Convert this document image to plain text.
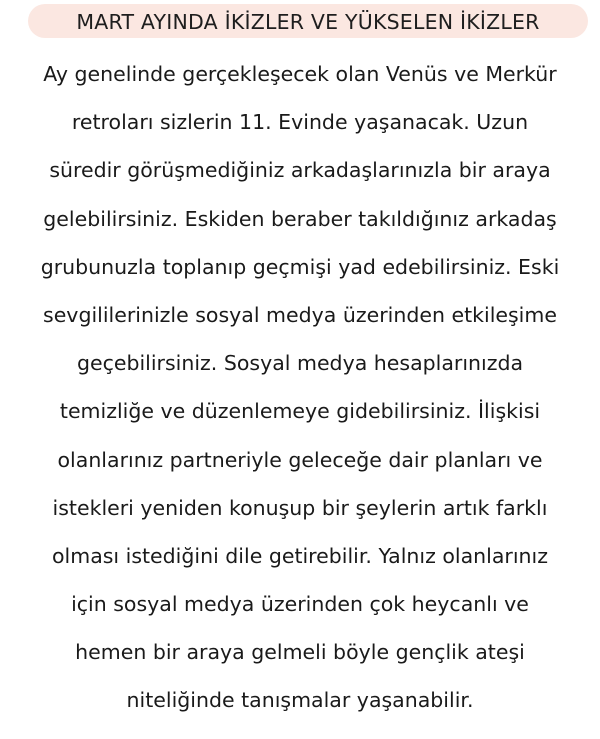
MART AYINDA İKİZLER VE YÜKSELEN İKİZLER
Ay genelinde gerçekleşecek olan Venüs ve Merkür
retroları sizlerin 11. Evinde yaşanacak. Uzun
süredir görüşmediğiniz arkadaşlarınızla bir araya
gelebilirsiniz. Eskiden beraber takıldığınız arkadaş
grubunuzla toplanıp geçmişi yad edebilirsiniz. Eski
sevgililerinizle sosyal medya üzerinden etkileşime
geçebilirsiniz. Sosyal medya hesaplarınızda
temizliğe ve düzenlemeye gidebilirsiniz. İlişkisi
olanlarınız partneriyle geleceğe dair planları ve
istekleri yeniden konuşup bir şeylerin artık farklı
olması istediğini dile getirebilir. Yalnız olanlarınız
için sosyal medya üzerinden çok heycanlı ve
hemen bir araya gelmeli böyle gençlik ateşi
niteliğinde tanışmalar yaşanabilir.
